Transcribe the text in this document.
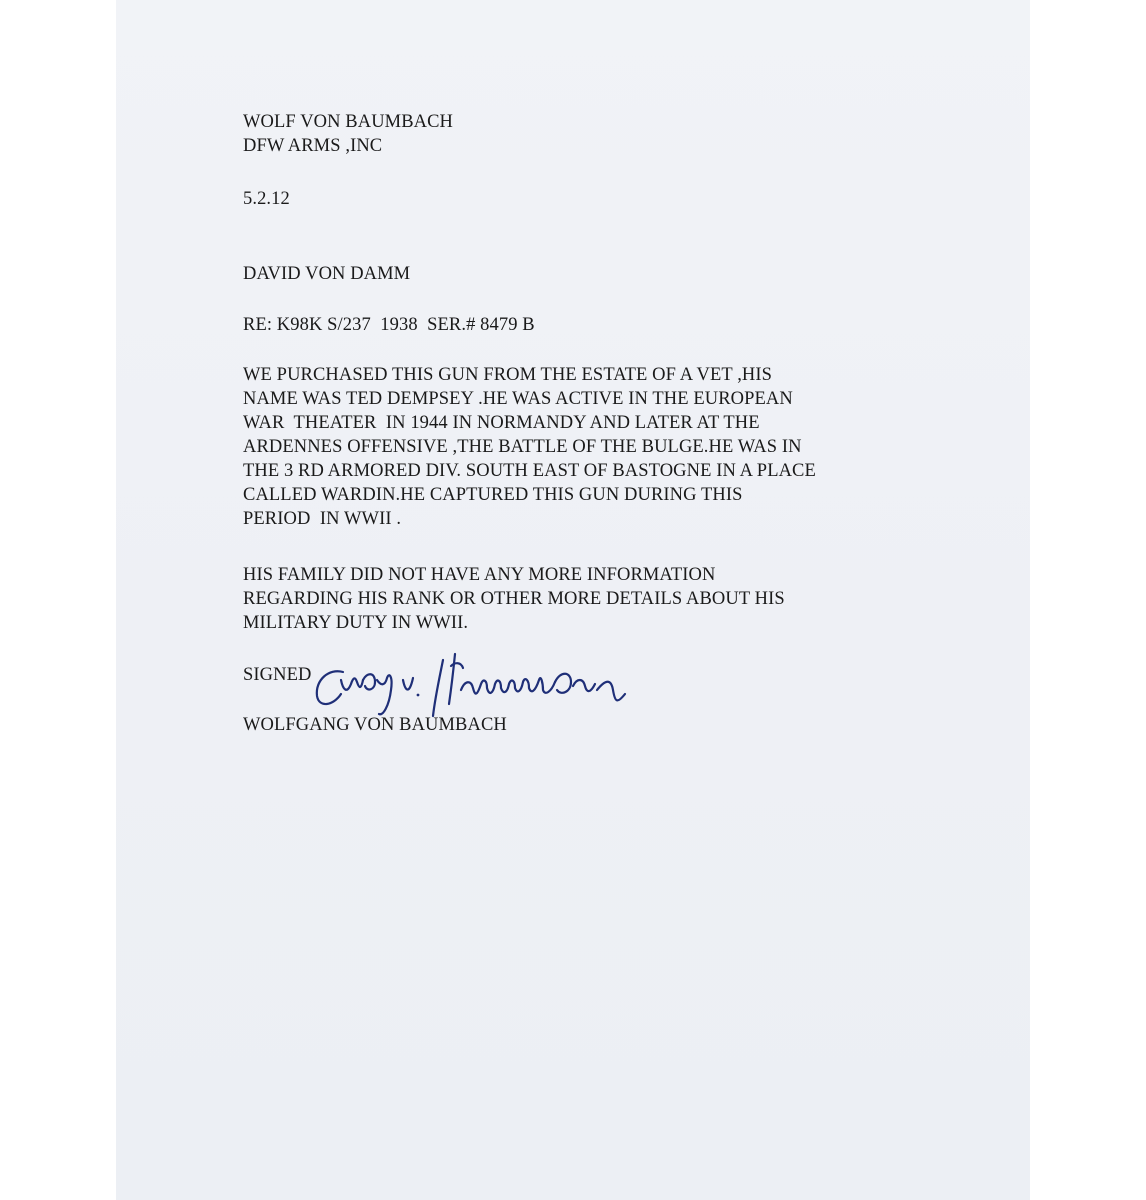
WOLF VON BAUMBACH
DFW ARMS ,INC
5.2.12
DAVID VON DAMM
RE: K98K S/237  1938  SER.# 8479 B
WE PURCHASED THIS GUN FROM THE ESTATE OF A VET ,HIS
NAME WAS TED DEMPSEY .HE WAS ACTIVE IN THE EUROPEAN
WAR  THEATER  IN 1944 IN NORMANDY AND LATER AT THE
ARDENNES OFFENSIVE ,THE BATTLE OF THE BULGE.HE WAS IN
THE 3 RD ARMORED DIV. SOUTH EAST OF BASTOGNE IN A PLACE
CALLED WARDIN.HE CAPTURED THIS GUN DURING THIS
PERIOD  IN WWII .
HIS FAMILY DID NOT HAVE ANY MORE INFORMATION
REGARDING HIS RANK OR OTHER MORE DETAILS ABOUT HIS
MILITARY DUTY IN WWII.
SIGNED
WOLFGANG VON BAUMBACH
